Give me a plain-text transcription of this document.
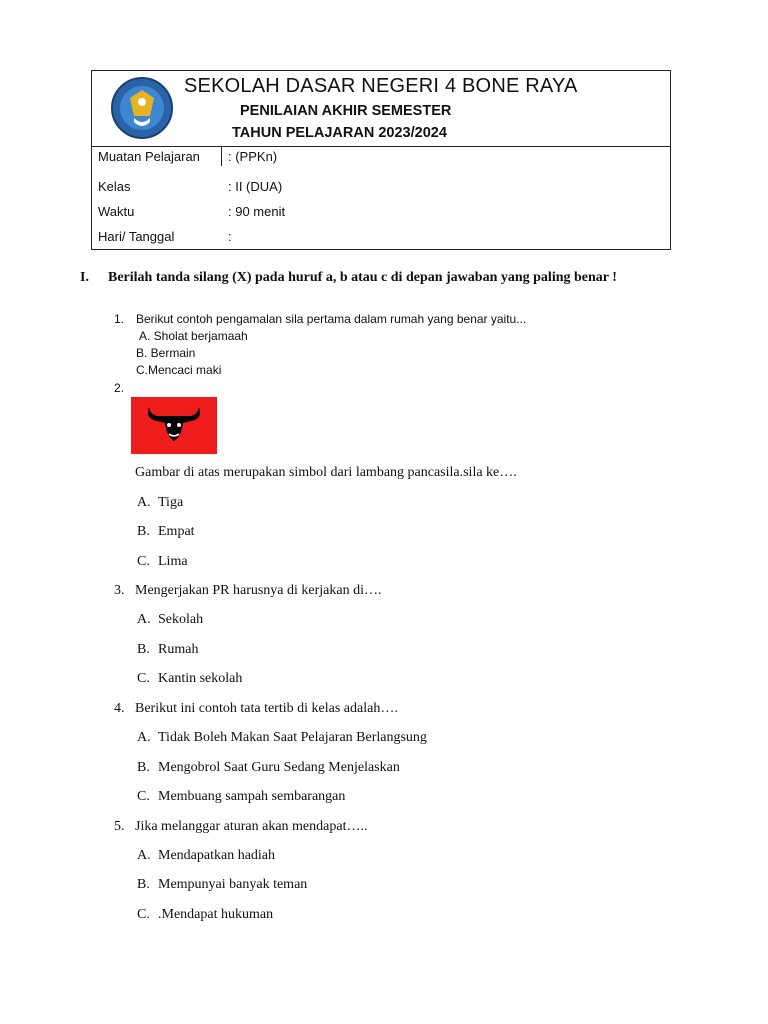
SEKOLAH DASAR NEGERI 4 BONE RAYA
PENILAIAN AKHIR SEMESTER
TAHUN PELAJARAN 2023/2024
Muatan Pelajaran : (PPKn)
Kelas	: II (DUA)
Waktu	: 90 menit
Hari/ Tanggal	:
I. Berilah tanda silang (X) pada huruf a, b atau c di depan jawaban yang paling benar !
1. Berikut contoh pengamalan sila pertama dalam rumah yang benar yaitu...
A. Sholat berjamaah
B. Bermain
C.Mencaci maki
2.
Gambar di atas merupakan simbol dari lambang pancasila.sila ke….
A. Tiga
B. Empat
C. Lima
3. Mengerjakan PR harusnya di kerjakan di….
A. Sekolah
B. Rumah
C. Kantin sekolah
4. Berikut ini contoh tata tertib di kelas adalah….
A. Tidak Boleh Makan Saat Pelajaran Berlangsung
B. Mengobrol Saat Guru Sedang Menjelaskan
C. Membuang sampah sembarangan
5. Jika melanggar aturan akan mendapat…..
A. Mendapatkan hadiah
B. Mempunyai banyak teman
C. .Mendapat hukuman
